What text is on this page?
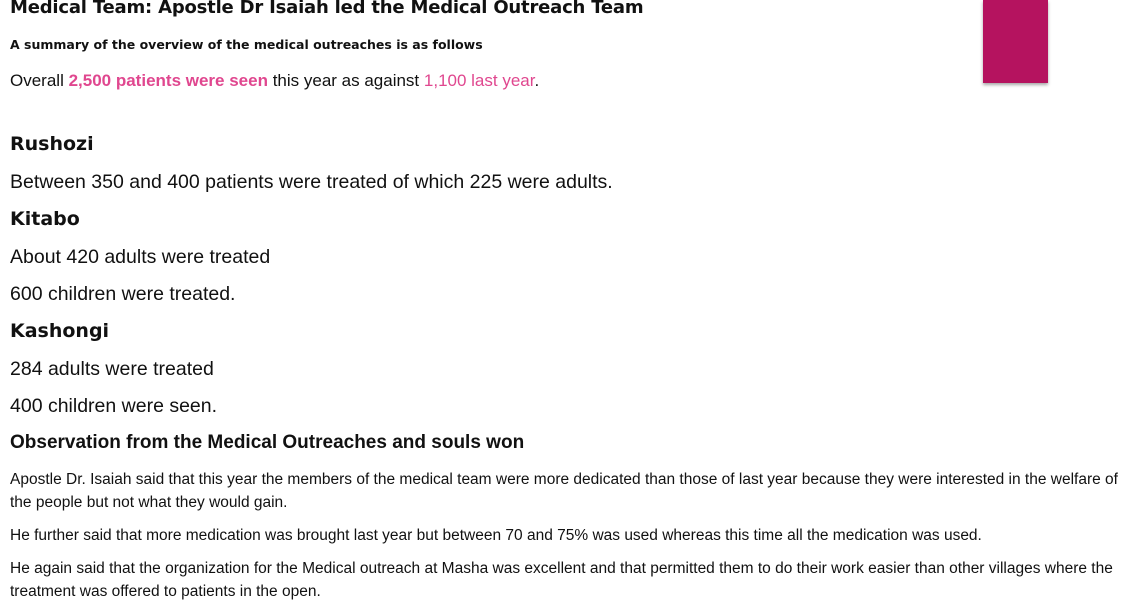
Medical Team: Apostle Dr Isaiah led the Medical Outreach Team
A summary of the overview of the medical outreaches is as follows
Overall 2,500 patients were seen this year as against 1,100 last year.
Rushozi
Between 350 and 400 patients were treated of which 225 were adults.
Kitabo
About 420 adults were treated
600 children were treated.
Kashongi
284 adults were treated
400 children were seen.
Observation from the Medical Outreaches and souls won
Apostle Dr. Isaiah said that this year the members of the medical team were more dedicated than those of last year because they were interested in the welfare of the people but not what they would gain.
He further said that more medication was brought last year but between 70 and 75% was used whereas this time all the medication was used.
He again said that the organization for the Medical outreach at Masha was excellent and that permitted them to do their work easier than other villages where the treatment was offered to patients in the open.
